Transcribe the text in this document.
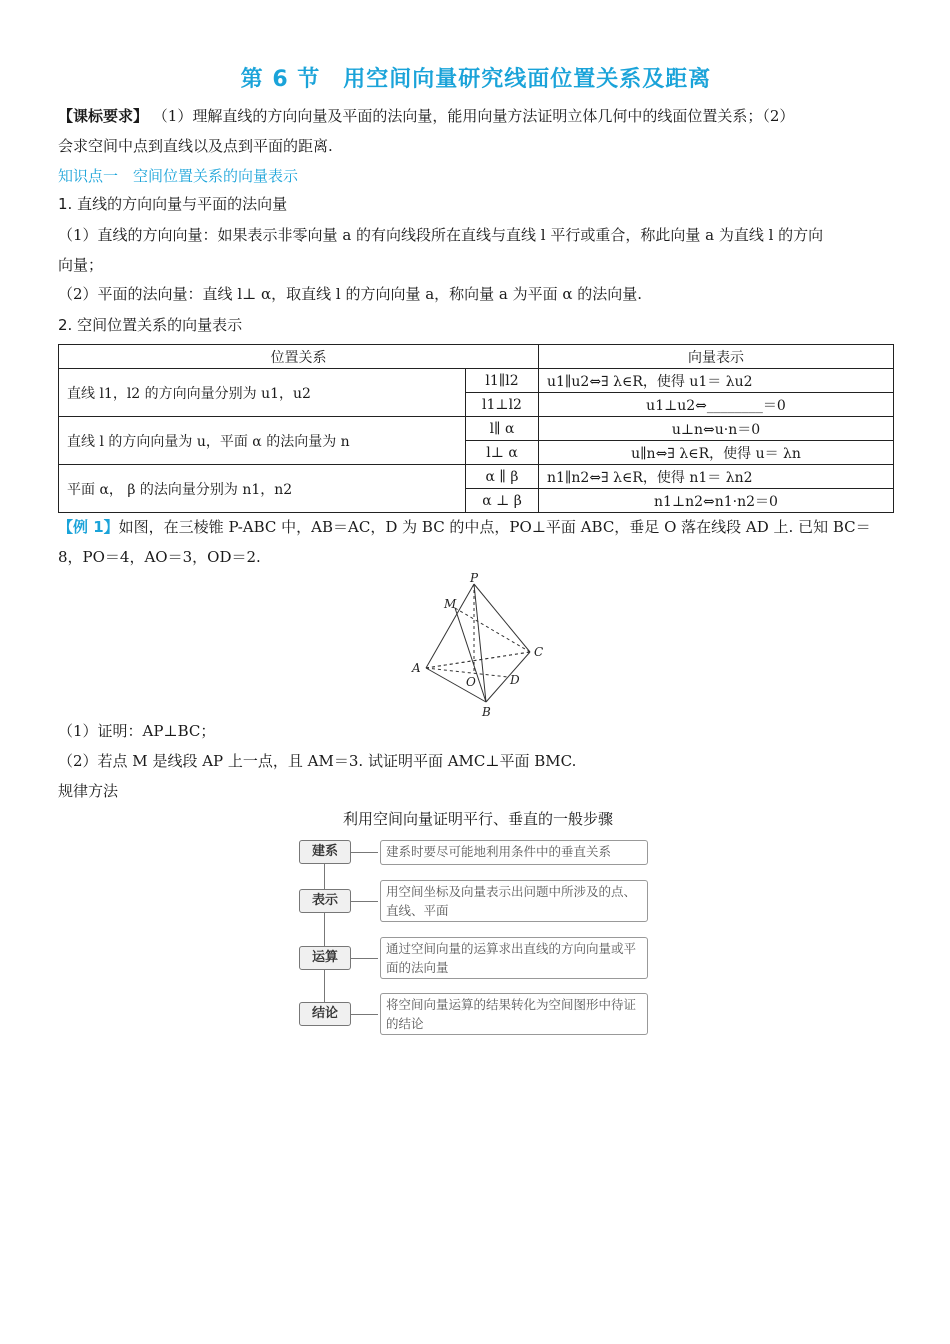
第 6 节　用空间向量研究线面位置关系及距离
【课标要求】 （1）理解直线的方向向量及平面的法向量，能用向量方法证明立体几何中的线面位置关系；（2）
会求空间中点到直线以及点到平面的距离.
知识点一　空间位置关系的向量表示
1. 直线的方向向量与平面的法向量
（1）直线的方向向量：如果表示非零向量 a 的有向线段所在直线与直线 l 平行或重合，称此向量 a 为直线 l 的方向
向量；
（2）平面的法向量：直线 l⊥ α，取直线 l 的方向向量 a，称向量 a 为平面 α 的法向量.
2. 空间位置关系的向量表示
位置关系		向量表示
直线 l1，l2 的方向向量分别为 u1，u2	l1∥l2	u1∥u2⇔∃ λ∈R，使得 u1＝ λu2
	l1⊥l2	u1⊥u2⇔________＝0
直线 l 的方向向量为 u，平面 α 的法向量为 n	l∥ α	u⊥n⇔u·n＝0
	l⊥ α	u∥n⇔∃ λ∈R，使得 u＝ λn
平面 α， β 的法向量分别为 n1，n2	α ∥ β	n1∥n2⇔∃ λ∈R，使得 n1＝ λn2
	α ⊥ β	n1⊥n2⇔n1·n2＝0
【例 1】如图，在三棱锥 P-ABC 中，AB＝AC，D 为 BC 的中点，PO⊥平面 ABC，垂足 O 落在线段 AD 上. 已知 BC＝
8，PO＝4，AO＝3，OD＝2.
P
M
A
C
O	D
B
（1）证明：AP⊥BC；
（2）若点 M 是线段 AP 上一点，且 AM＝3. 试证明平面 AMC⊥平面 BMC.
规律方法
利用空间向量证明平行、垂直的一般步骤
建系	建系时要尽可能地利用条件中的垂直关系
表示
用空间坐标及向量表示出问题中所涉及的点、直线、平面
运算
通过空间向量的运算求出直线的方向向量或平面的法向量
结论
将空间向量运算的结果转化为空间图形中待证的结论
